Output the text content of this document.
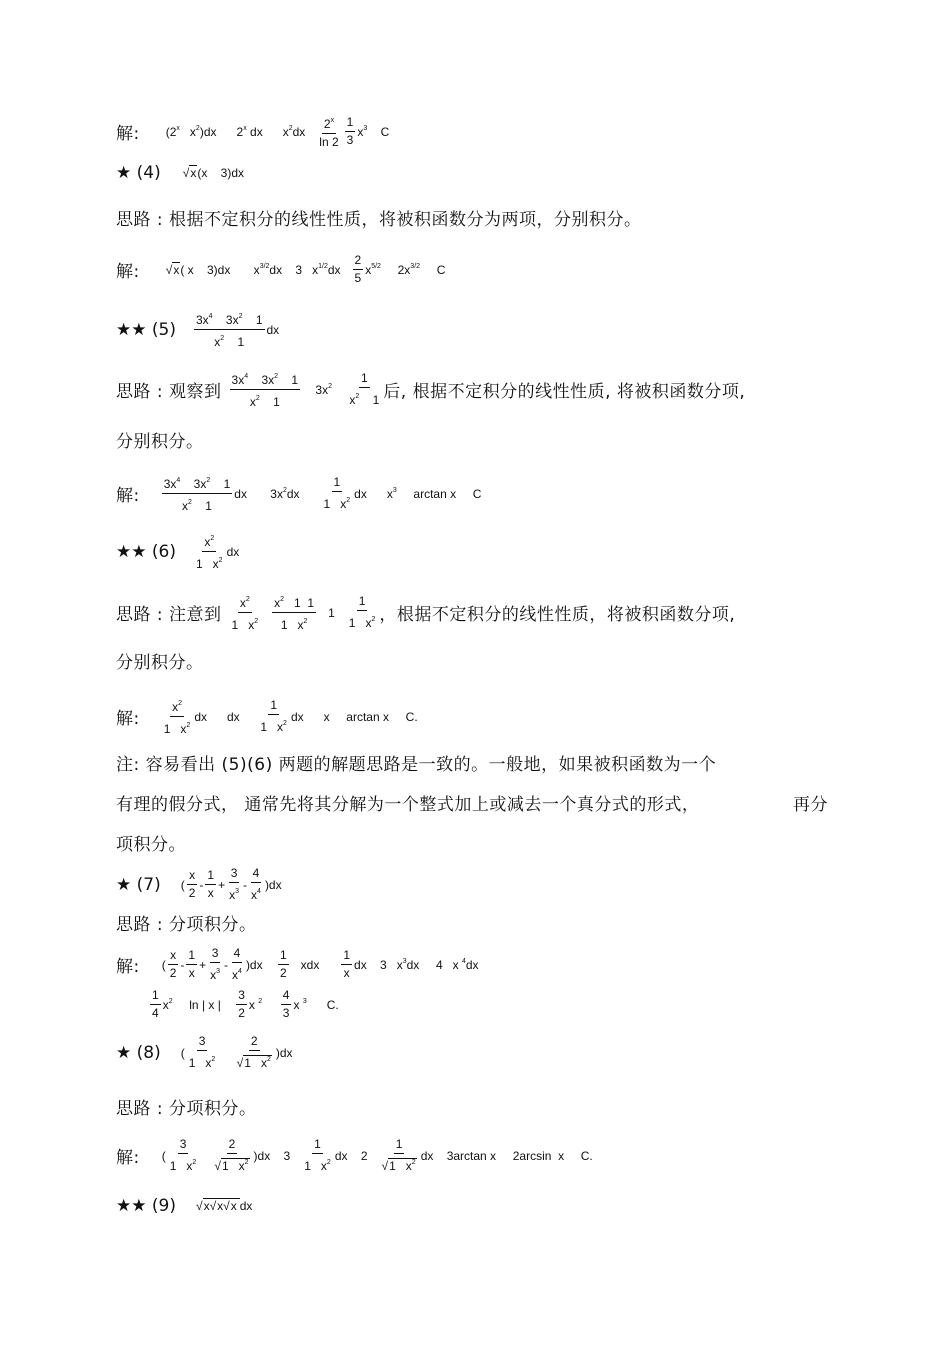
解: (2$^x$   $x^2)dx$      2$^x$ dx      $x^2dx \frac{2^x}{\ln 2} \frac{1}{3} x^3$    C
★ (4) √x(x    3)dx
思路 : 根据不定积分的线性性质，将被积函数分为两项，分别积分。
解: √x( x    3)dx       $x^{3/2}dx$    3   $x^{1/2}dx \frac{2}{5} x^{5/2}$     $2x^{3/2}$     C
★★ $(5) \frac{3x^4 3x^2 1}{x^2 1}$ dx
思路 : 观察到 $\frac{3x^4 3x^2 1}{x^2 1} 3x^2$	$\frac{1}{x^2 1}$ 后, 根据不定积分的线性性质, 将被积函数分项,
分别积分。
解: $\frac{3x^4 3x^2 1}{x^2 1}$ dx       $3x^2dx \frac{1}{1 x^2}$ dx      $x^3$     arctan x     C
★★ $(6) \frac{x^2}{1 x^2}$ dx
思路 : 注意到 $\frac{x^2}{1 x^2} \frac{x^2 1 1}{1 x^2} 1 \frac{1}{1 x^2}$ ，根据不定积分的线性性质，将被积函数分项,
分别积分。
解: $\frac{x^2}{1 x^2}$ dx      dx $\frac{1}{1 x^2}$ dx      x     arctan x     C.
注: 容易看出 (5)(6) 两题的解题思路是一致的。一般地，如果被积函数为一个
有理的假分式， 通常先将其分解为一个整式加上或减去一个真分式的形式，	再分
项积分。
★ (7) ( $\frac{x}{2} - \frac{1}{x} + \frac{3}{x^3} - \frac{4}{x^4} )dx$
思路 : 分项积分。
解: ( $\frac{x}{2} - \frac{1}{x} + \frac{3}{x^3} - \frac{4}{x^4} )dx \frac{1}{2}$ xdx $\frac{1}{x}$ dx    3   $x^3dx$     4   x $^4$dx
$\frac{1}{4} x^2$     ln | x | $\frac{3}{2}$ x $^2$	$\frac{4}{3}$ x $^3$      C.
★ (8) ( $\frac{3}{1 x^2}$
$\frac{2}{√1 x^2} )dx$
思路 : 分项积分。
解: ( $\frac{3}{1 x^2}$
$\frac{2}{√1 x^2} )dx$    $3 \frac{1}{1 x^2}$ dx    $2 \frac{1}{√1 x^2}$ dx    3arctan x     2arcsin  x     C.
★★ (9) √x√x√x dx
